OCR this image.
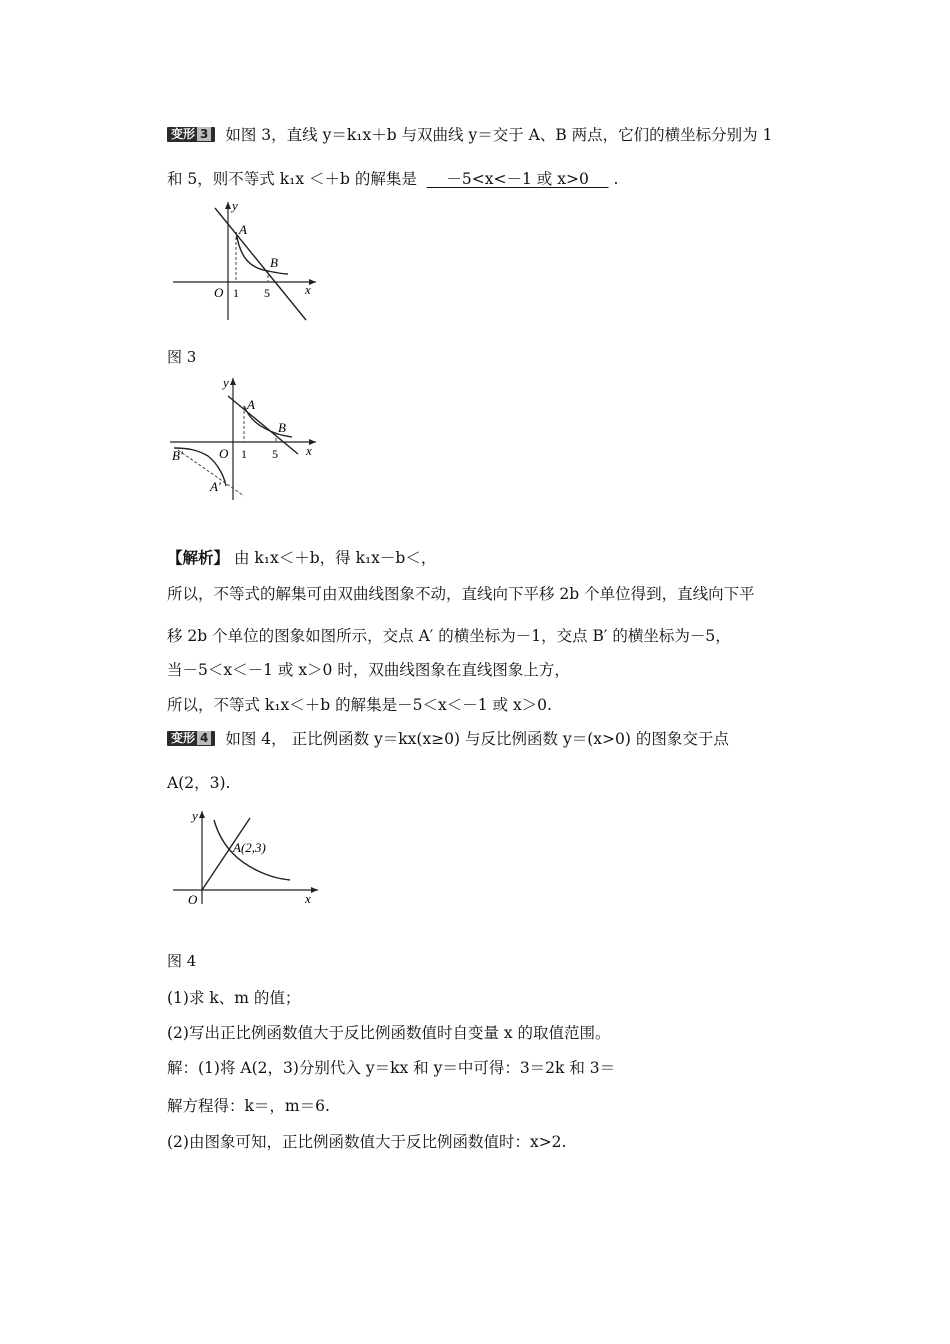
变形 3 如图 3，直线 y＝k₁x＋b 与双曲线 y＝交于 A、B 两点，它们的横坐标分别为 1
和 5，则不等式 k₁x ＜＋b 的解集是 －5<x<－1 或 x>0 .
y
x
O
A
B
1 5
图 3
y
x
O
A
B
B′
A′
1 5
【解析】 由 k₁x＜＋b，得 k₁x－b＜，
所以，不等式的解集可由双曲线图象不动，直线向下平移 2b 个单位得到，直线向下平
移 2b 个单位的图象如图所示，交点 A′ 的横坐标为－1，交点 B′ 的横坐标为－5，
当－5＜x＜－1 或 x＞0 时，双曲线图象在直线图象上方，
所以，不等式 k₁x＜＋b 的解集是－5＜x＜－1 或 x＞0.
变形 4 如图 4， 正比例函数 y＝kx(x≥0) 与反比例函数 y＝(x>0) 的图象交于点
A(2，3).
y
x
O
A(2,3)
图 4
(1)求 k、m 的值；
(2)写出正比例函数值大于反比例函数值时自变量 x 的取值范围。
解：(1)将 A(2，3)分别代入 y＝kx 和 y＝中可得：3＝2k 和 3＝
解方程得：k＝，m＝6.
(2)由图象可知，正比例函数值大于反比例函数值时：x>2.
